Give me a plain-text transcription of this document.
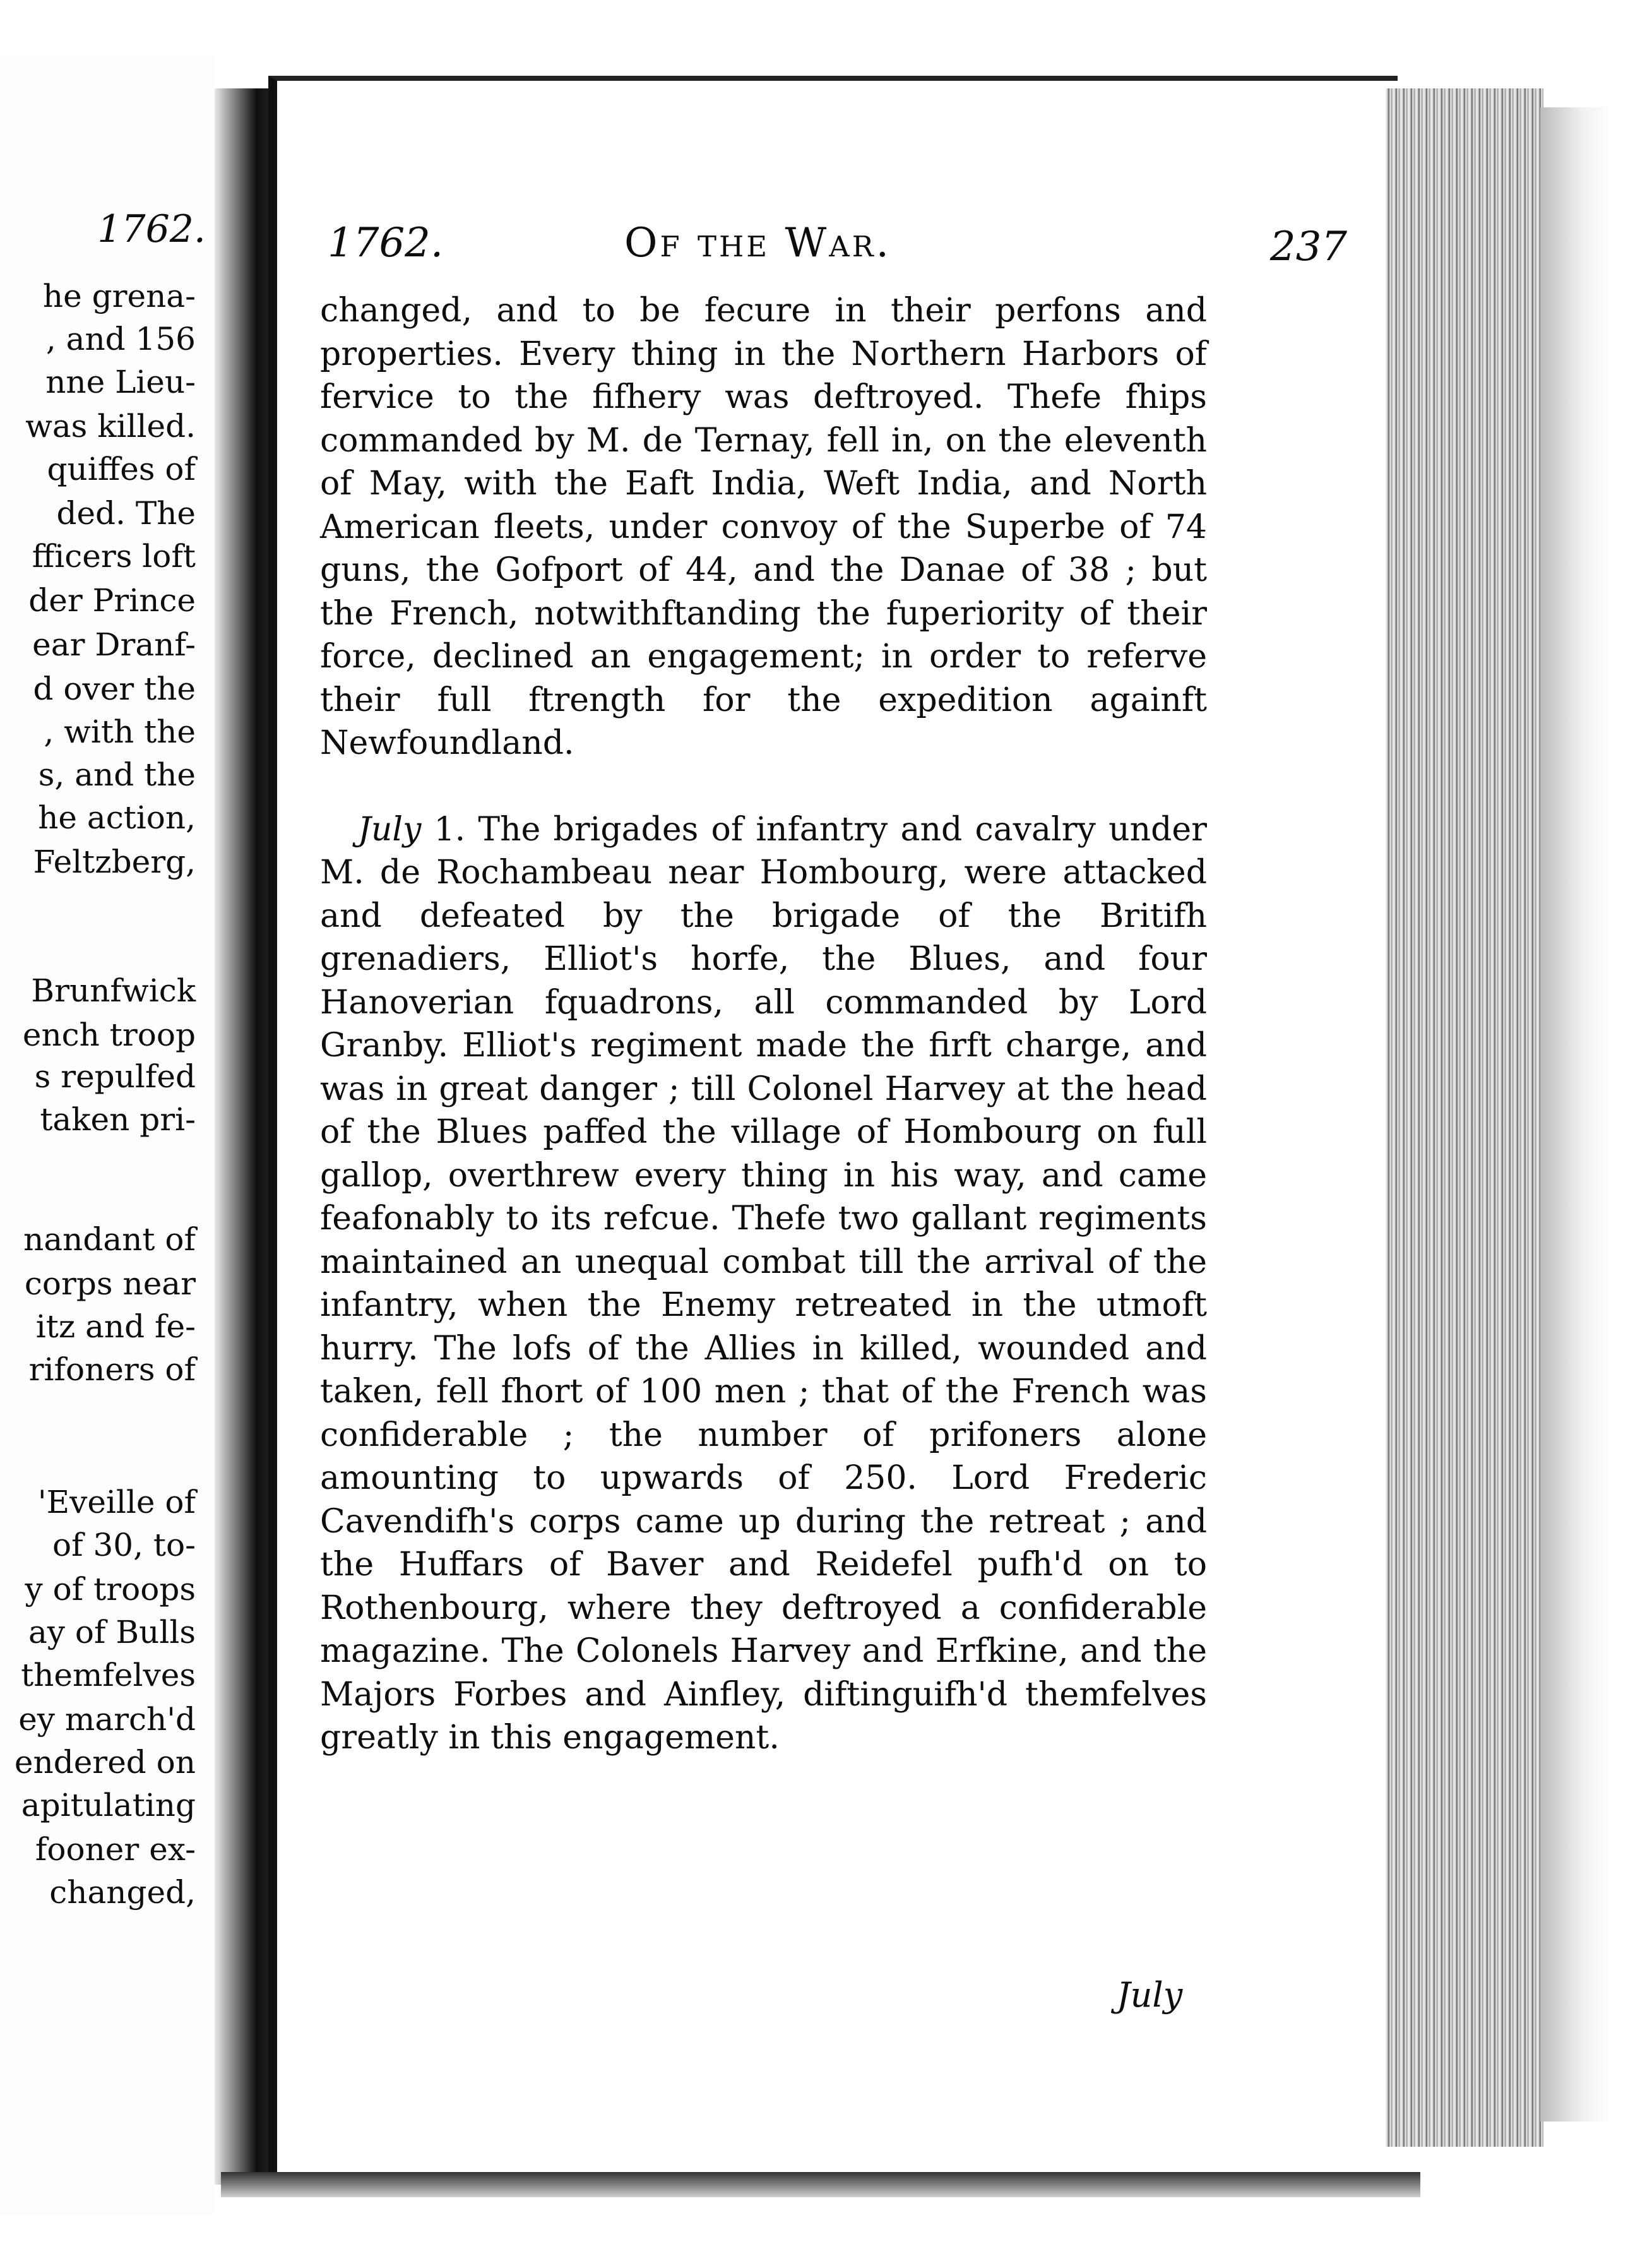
1762.
he grena-
, and 156
nne Lieu-
was killed.
quiffes of
ded. The
fficers loft
der Prince
ear Dranf-
d over the
, with the
s, and the
he action,
Feltzberg,
Brunfwick
ench troop
s repulfed
taken pri-
nandant of
corps near
itz and fe-
rifoners of
'Eveille of
of 30, to-
y of troops
ay of Bulls
themfelves
ey march'd
endered on
apitulating
fooner ex-
changed,
1762.	Of the War.	237

changed, and to be fecure in their perfons and properties. Every thing in the Northern Harbors of fervice to the fifhery was deftroyed. Thefe fhips commanded by M. de Ternay, fell in, on the eleventh of May, with the Eaft India, Weft India, and North American fleets, under convoy of the Superbe of 74 guns, the Gofport of 44, and the Danae of 38 ; but the French, notwithftanding the fuperiority of their force, declined an engagement; in order to referve their full ftrength for the expedition againft Newfoundland.

July 1. The brigades of infantry and cavalry under M. de Rochambeau near Hombourg, were attacked and defeated by the brigade of the Britifh grenadiers, Elliot's horfe, the Blues, and four Hanoverian fquadrons, all commanded by Lord Granby. Elliot's regiment made the firft charge, and was in great danger ; till Colonel Harvey at the head of the Blues paffed the village of Hombourg on full gallop, overthrew every thing in his way, and came feafonably to its refcue. Thefe two gallant regiments maintained an unequal combat till the arrival of the infantry, when the Enemy retreated in the utmoft hurry. The lofs of the Allies in killed, wounded and taken, fell fhort of 100 men ; that of the French was confiderable ; the number of prifoners alone amounting to upwards of 250. Lord Frederic Cavendifh's corps came up during the retreat ; and the Huffars of Baver and Reidefel pufh'd on to Rothenbourg, where they deftroyed a confiderable magazine. The Colonels Harvey and Erfkine, and the Majors Forbes and Ainfley, diftinguifh'd themfelves greatly in this engagement.

July
